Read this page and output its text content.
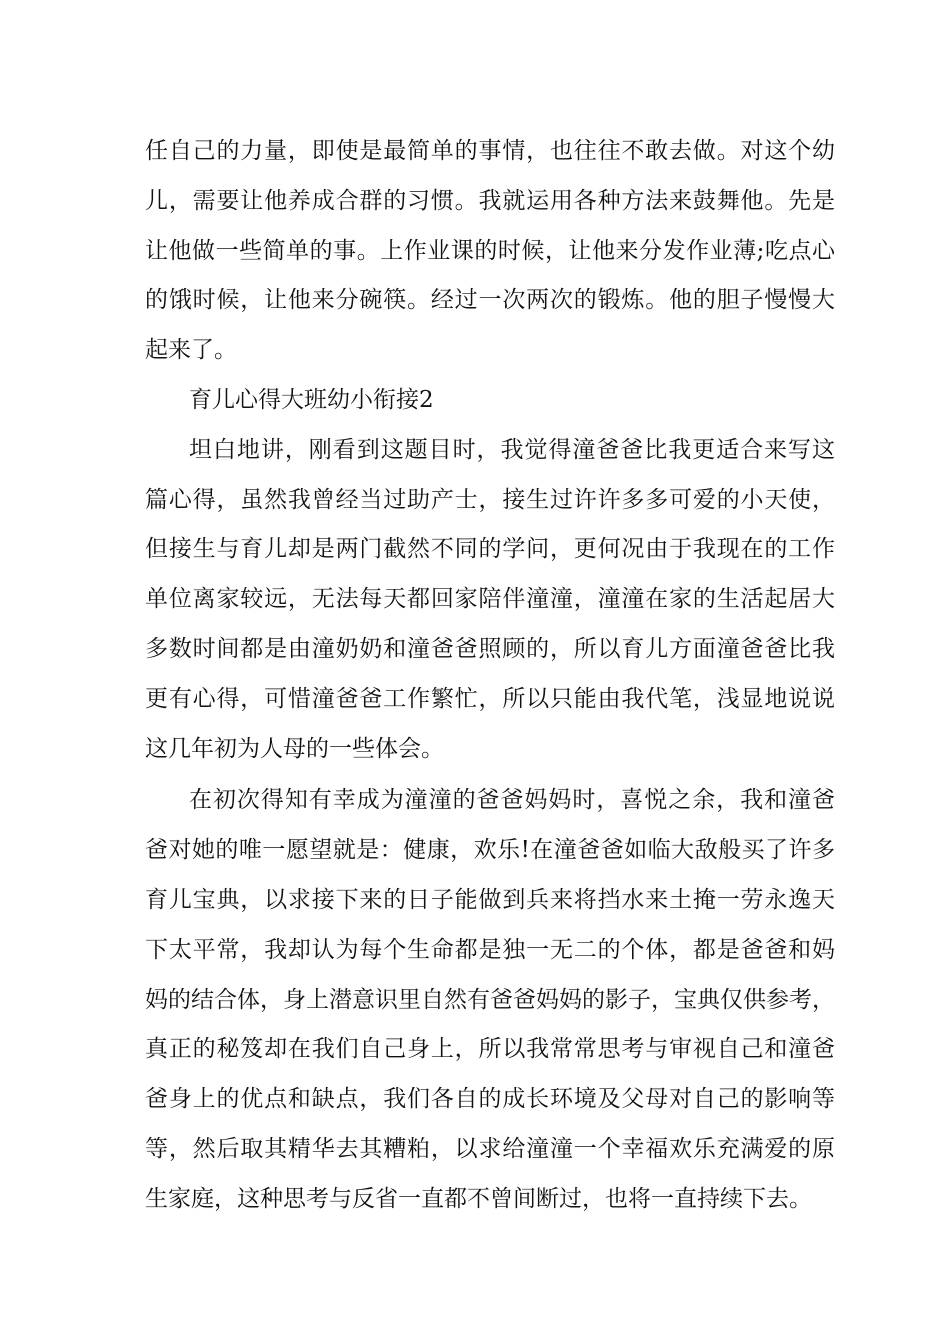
任自己的力量，即使是最简单的事情，也往往不敢去做。对这个幼
儿，需要让他养成合群的习惯。我就运用各种方法来鼓舞他。先是
让他做一些简单的事。上作业课的时候，让他来分发作业薄;吃点心
的饿时候，让他来分碗筷。经过一次两次的锻炼。他的胆子慢慢大
起来了。
育儿心得大班幼小衔接2
坦白地讲，刚看到这题目时，我觉得潼爸爸比我更适合来写这
篇心得，虽然我曾经当过助产士，接生过许许多多可爱的小天使，
但接生与育儿却是两门截然不同的学问，更何况由于我现在的工作
单位离家较远，无法每天都回家陪伴潼潼，潼潼在家的生活起居大
多数时间都是由潼奶奶和潼爸爸照顾的，所以育儿方面潼爸爸比我
更有心得，可惜潼爸爸工作繁忙，所以只能由我代笔，浅显地说说
这几年初为人母的一些体会。
在初次得知有幸成为潼潼的爸爸妈妈时，喜悦之余，我和潼爸
爸对她的唯一愿望就是：健康，欢乐!在潼爸爸如临大敌般买了许多
育儿宝典，以求接下来的日子能做到兵来将挡水来土掩一劳永逸天
下太平常，我却认为每个生命都是独一无二的个体，都是爸爸和妈
妈的结合体，身上潜意识里自然有爸爸妈妈的影子，宝典仅供参考，
真正的秘笈却在我们自己身上，所以我常常思考与审视自己和潼爸
爸身上的优点和缺点，我们各自的成长环境及父母对自己的影响等
等，然后取其精华去其糟粕，以求给潼潼一个幸福欢乐充满爱的原
生家庭，这种思考与反省一直都不曾间断过，也将一直持续下去。
